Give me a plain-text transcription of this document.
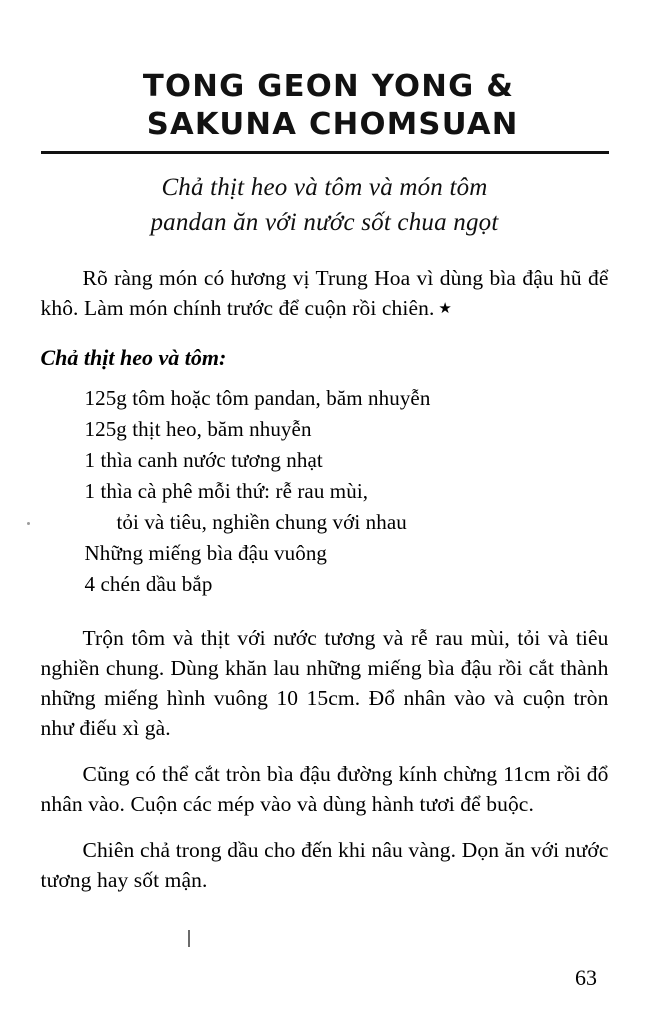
TONG GEON YONG &
SAKUNA CHOMSUAN
Chả thịt heo và tôm và món tôm
pandan ăn với nước sốt chua ngọt

Rõ ràng món có hương vị Trung Hoa vì dùng bìa đậu hũ để khô. Làm món chính trước để cuộn rồi chiên. ★

Chả thịt heo và tôm:
125g tôm hoặc tôm pandan, băm nhuyễn
125g thịt heo, băm nhuyễn
1 thìa canh nước tương nhạt
1 thìa cà phê mỗi thứ: rễ rau mùi,
tỏi và tiêu, nghiền chung với nhau
Những miếng bìa đậu vuông
4 chén dầu bắp

Trộn tôm và thịt với nước tương và rễ rau mùi, tỏi và tiêu nghiền chung. Dùng khăn lau những miếng bìa đậu rồi cắt thành những miếng hình vuông 10 15cm. Đổ nhân vào và cuộn tròn như điếu xì gà.

Cũng có thể cắt tròn bìa đậu đường kính chừng 11cm rồi đổ nhân vào. Cuộn các mép vào và dùng hành tươi để buộc.

Chiên chả trong dầu cho đến khi nâu vàng. Dọn ăn với nước tương hay sốt mận.

63
